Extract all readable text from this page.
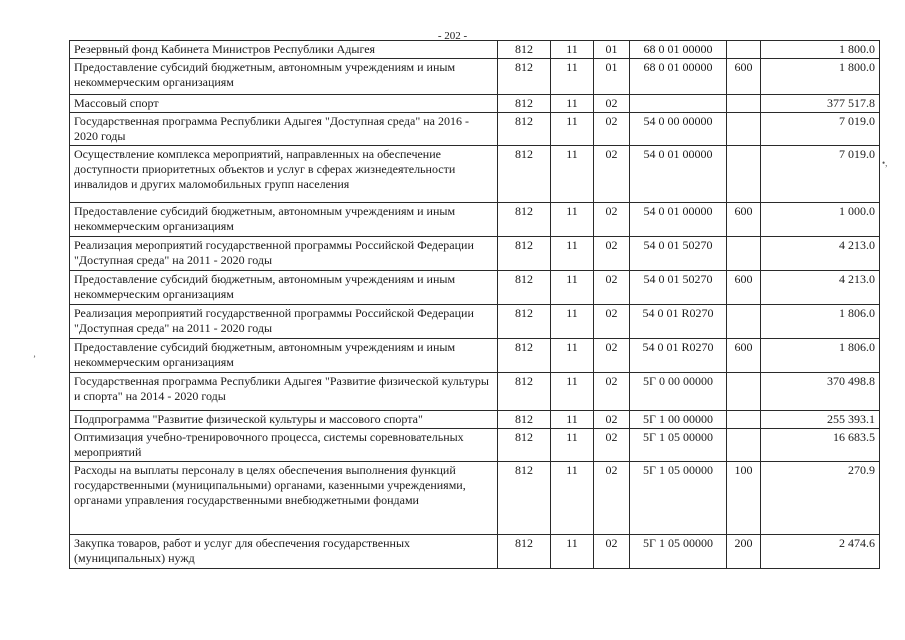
- 202 -
Резервный фонд Кабинета Министров Республики Адыгея	812	11	01	68 0 01 00000		1 800.0
Предоставление субсидий бюджетным, автономным учреждениям и иным некоммерческим организациям	812	11	01	68 0 01 00000	600	1 800.0
Массовый спорт	812	11	02			377 517.8
Государственная программа Республики Адыгея "Доступная среда" на 2016 - 2020 годы	812	11	02	54 0 00 00000		7 019.0
Осуществление комплекса мероприятий, направленных на обеспечение доступности приоритетных объектов и услуг в сферах жизнедеятельности инвалидов и других маломобильных групп населения	812	11	02	54 0 01 00000		7 019.0
Предоставление субсидий бюджетным, автономным учреждениям и иным некоммерческим организациям	812	11	02	54 0 01 00000	600	1 000.0
Реализация мероприятий государственной программы Российской Федерации "Доступная среда" на 2011 - 2020 годы	812	11	02	54 0 01 50270		4 213.0
Предоставление субсидий бюджетным, автономным учреждениям и иным некоммерческим организациям	812	11	02	54 0 01 50270	600	4 213.0
Реализация мероприятий государственной программы Российской Федерации "Доступная среда" на 2011 - 2020 годы	812	11	02	54 0 01 R0270		1 806.0
Предоставление субсидий бюджетным, автономным учреждениям и иным некоммерческим организациям	812	11	02	54 0 01 R0270	600	1 806.0
Государственная программа Республики Адыгея "Развитие физической культуры и спорта" на 2014 - 2020 годы	812	11	02	5Г 0 00 00000		370 498.8
Подпрограмма "Развитие физической культуры и массового спорта"	812	11	02	5Г 1 00 00000		255 393.1
Оптимизация учебно-тренировочного процесса, системы соревновательных мероприятий	812	11	02	5Г 1 05 00000		16 683.5
Расходы на выплаты персоналу в целях обеспечения выполнения функций государственными (муниципальными) органами, казенными учреждениями, органами управления государственными внебюджетными фондами	812	11	02	5Г 1 05 00000	100	270.9
Закупка товаров, работ и услуг для обеспечения государственных (муниципальных) нужд	812	11	02	5Г 1 05 00000	200	2 474.6
•,
ʼ
